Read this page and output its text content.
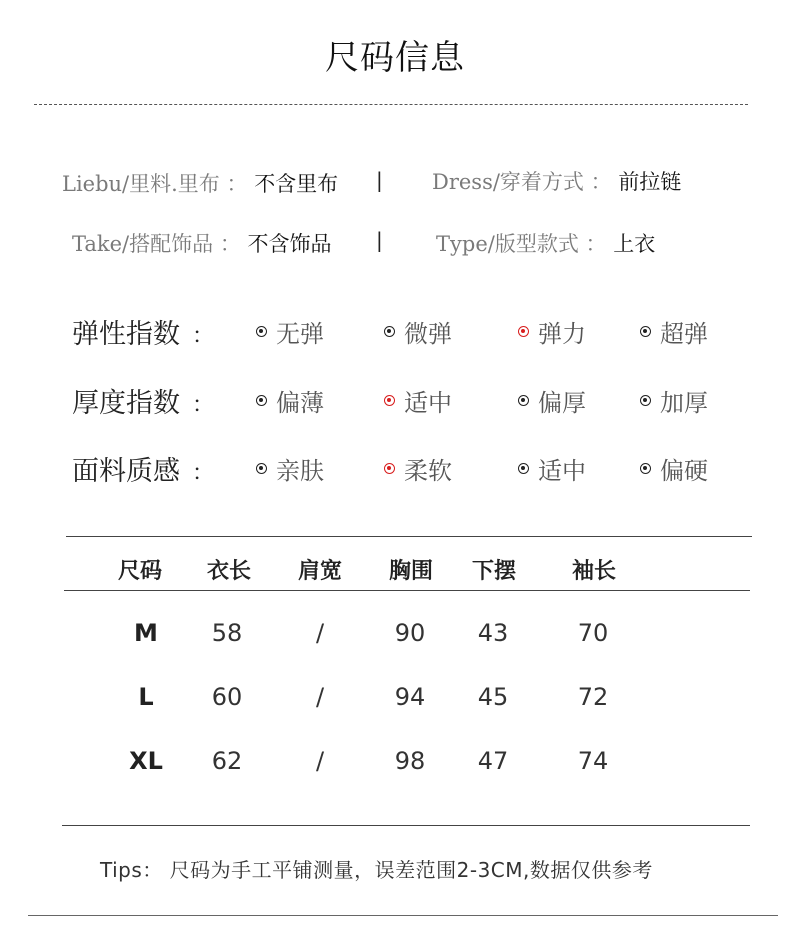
尺码信息
Liebu/里料.里布 ： 不含里布 | Dress/穿着方式 ： 前拉链
Take/搭配饰品 ： 不含饰品 |	Type/版型款式 ： 上衣
弹性指数 ：	无弹	微弹	弹力	超弹
厚度指数 ：	偏薄	适中	偏厚	加厚
面料质感 ：	亲肤	柔软	适中	偏硬
尺码	衣长	肩宽	胸围	下摆	袖长
M	58	/	90	43	70
L	60	/	94	45	72
XL	62	/	98	47	74
Tips： 尺码为手工平铺测量，误差范围2-3CM,数据仅供参考
